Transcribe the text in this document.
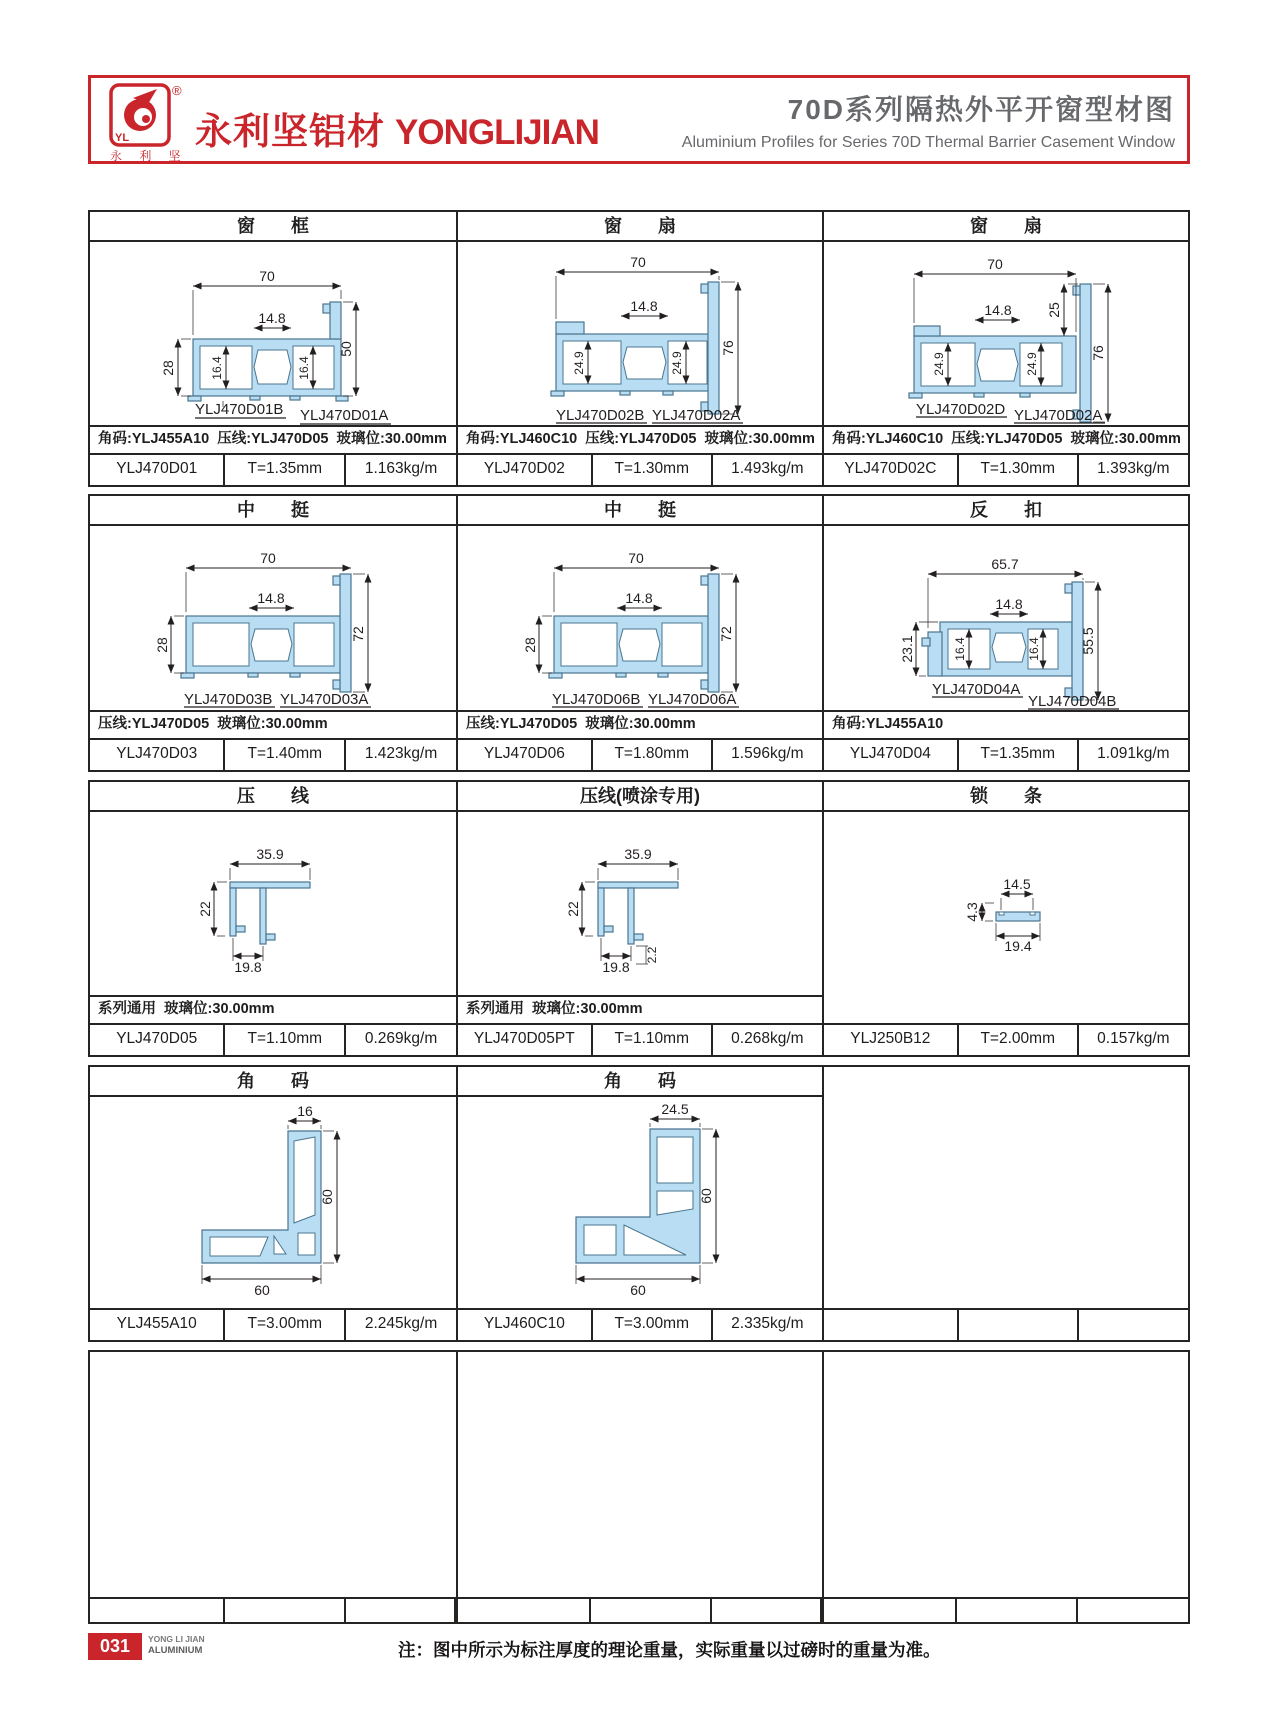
YL
®
永 利 坚
永利坚铝材 YONGLIJIAN
70D系列隔热外平开窗型材图
Aluminium Profiles for Series 70D Thermal Barrier Casement Window
窗　　框
70
14.8
28	16.4	16.4
50
YLJ470D01B YLJ470D01A
角码:YLJ455A10  压线:YLJ470D05  玻璃位:30.00mm
YLJ470D01	T=1.35mm	1.163kg/m
窗　　扇
70
14.8
24.9	24.9
76
YLJ470D02B YLJ470D02A
角码:YLJ460C10  压线:YLJ470D05  玻璃位:30.00mm
YLJ470D02	T=1.30mm	1.493kg/m
窗　　扇
70
25
14.8
24.9	24.9	76
YLJ470D02D YLJ470D02A
角码:YLJ460C10  压线:YLJ470D05  玻璃位:30.00mm
YLJ470D02C	T=1.30mm	1.393kg/m
中　　挺
70
14.8
28
72
YLJ470D03B YLJ470D03A
压线:YLJ470D05  玻璃位:30.00mm
YLJ470D03	T=1.40mm	1.423kg/m
中　　挺
70
14.8
28
72
YLJ470D06B YLJ470D06A
压线:YLJ470D05  玻璃位:30.00mm
YLJ470D06	T=1.80mm	1.596kg/m
反　　扣
65.7
14.8
23.1	16.4	16.4	55.5
YLJ470D04A
YLJ470D04B
角码:YLJ455A10
YLJ470D04	T=1.35mm	1.091kg/m
压　　线
35.9
22
19.8
系列通用  玻璃位:30.00mm
YLJ470D05	T=1.10mm	0.269kg/m
压线(喷涂专用)
35.9
22
19.8
2.2
系列通用  玻璃位:30.00mm
YLJ470D05PT	T=1.10mm	0.268kg/m
锁　　条
14.5
4.3
19.4
YLJ250B12	T=2.00mm	0.157kg/m
角　　码
16
60
60
YLJ455A10	T=3.00mm	2.245kg/m
角　　码
24.5
60
60
YLJ460C10	T=3.00mm	2.335kg/m
031	YONG LI JIAN
ALUMINIUM	注：图中所示为标注厚度的理论重量，实际重量以过磅时的重量为准。
